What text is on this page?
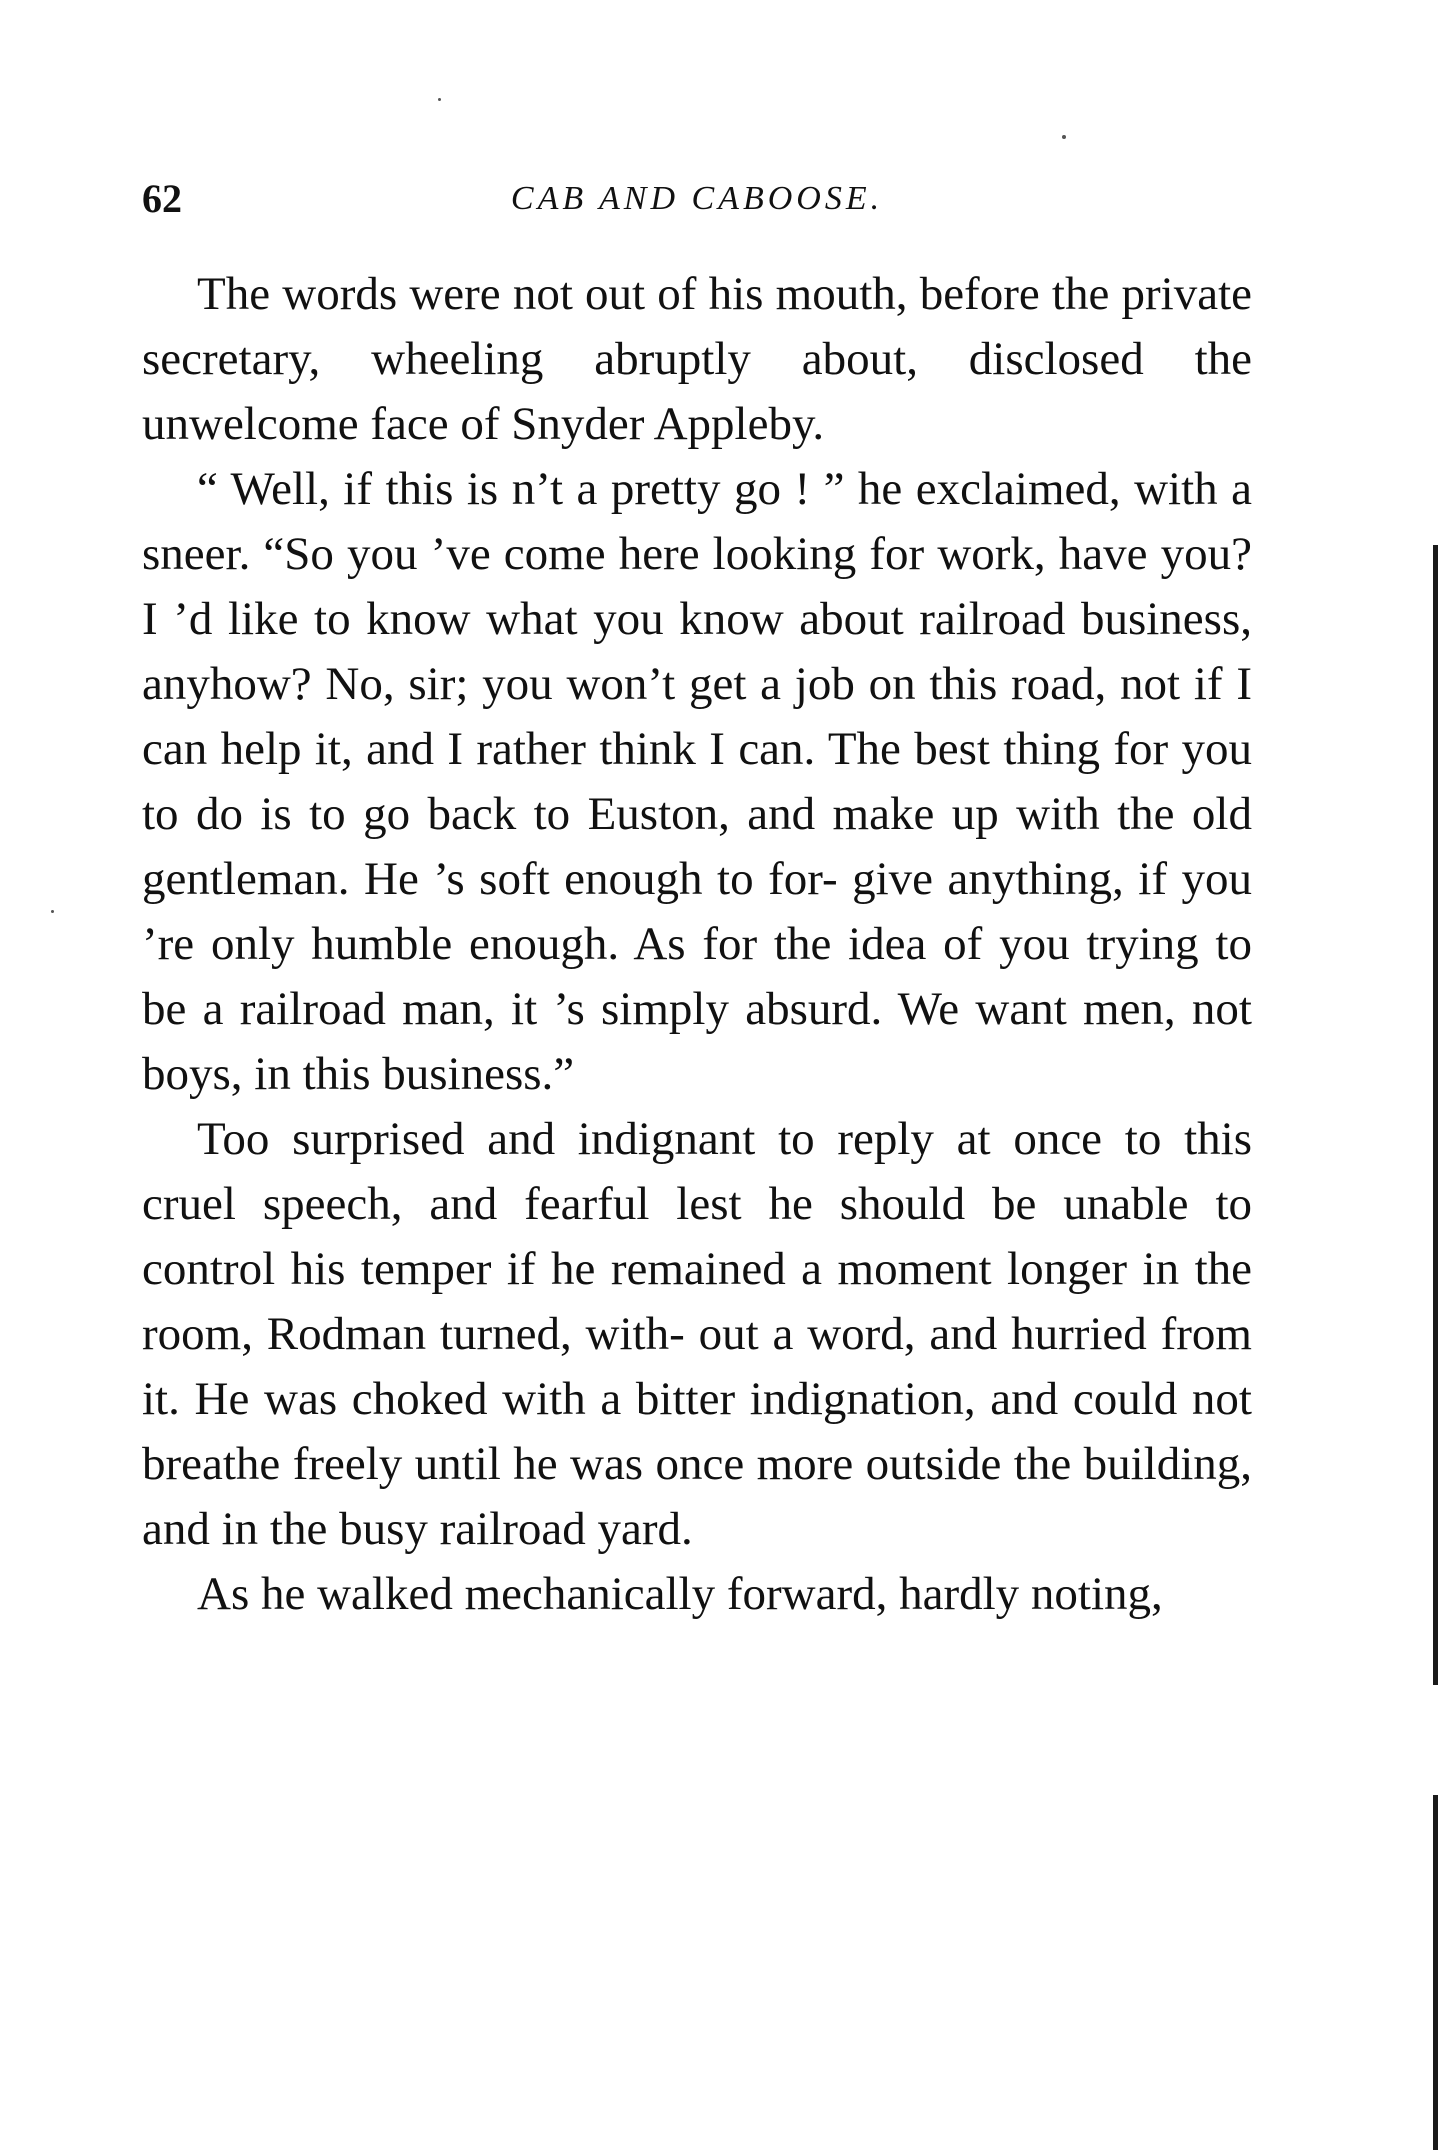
62	CAB AND CABOOSE.

The words were not out of his mouth, before the private secretary, wheeling abruptly about, disclosed the unwelcome face of Snyder Appleby.

“ Well, if this is n’t a pretty go ! ” he exclaimed, with a sneer. “So you ’ve come here looking for work, have you? I ’d like to know what you know about railroad business, anyhow? No, sir; you won’t get a job on this road, not if I can help it, and I rather think I can. The best thing for you to do is to go back to Euston, and make up with the old gentleman. He ’s soft enough to for- give anything, if you ’re only humble enough. As for the idea of you trying to be a railroad man, it ’s simply absurd. We want men, not boys, in this business.”

Too surprised and indignant to reply at once to this cruel speech, and fearful lest he should be unable to control his temper if he remained a moment longer in the room, Rodman turned, with- out a word, and hurried from it. He was choked with a bitter indignation, and could not breathe freely until he was once more outside the building, and in the busy railroad yard.

As he walked mechanically forward, hardly noting,
